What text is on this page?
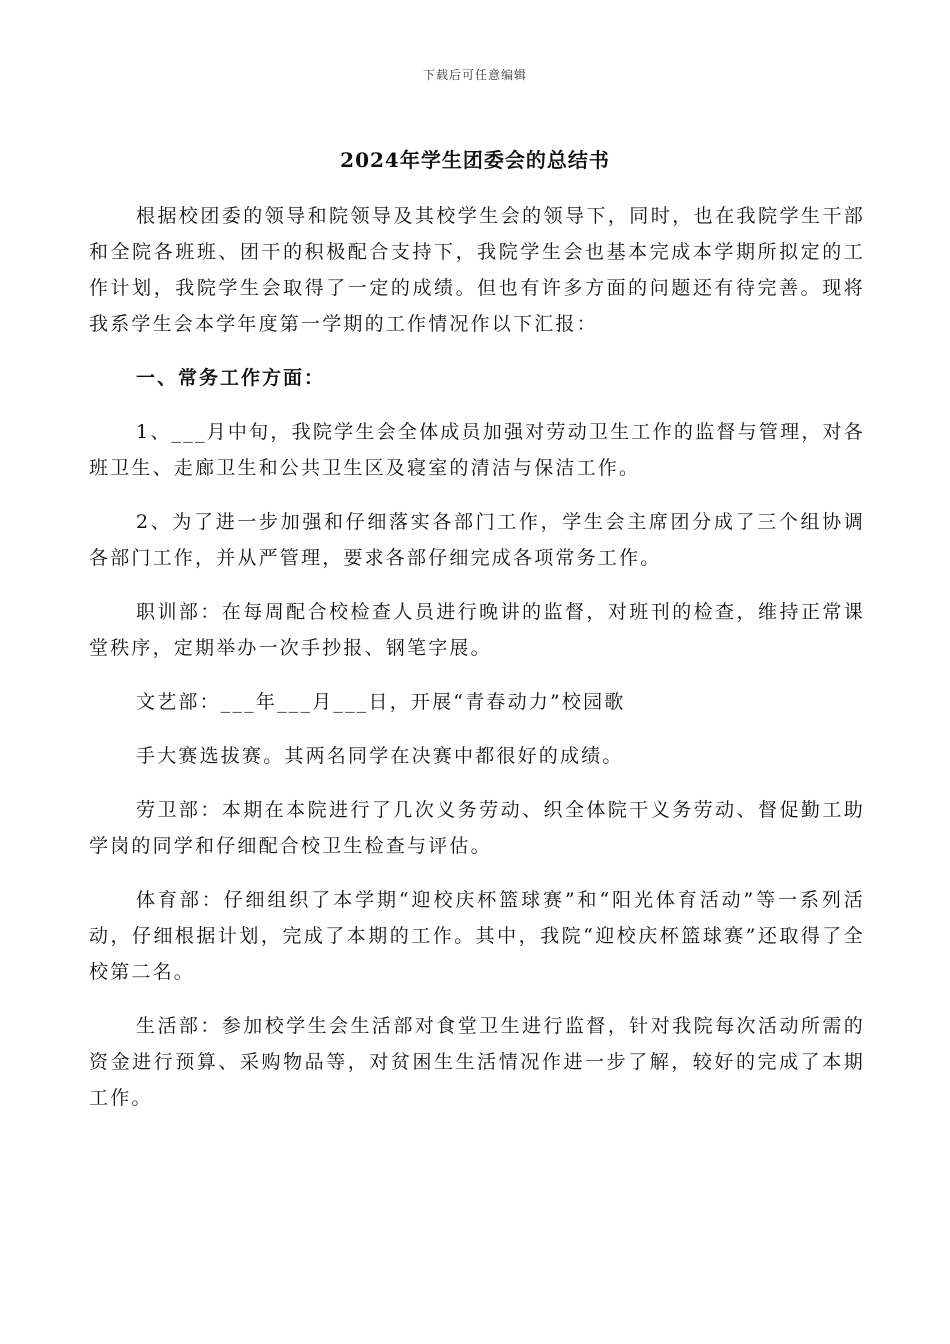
下载后可任意编辑
2024年学生团委会的总结书

根据校团委的领导和院领导及其校学生会的领导下，同时，也在我院学生干部和全院各班班、团干的积极配合支持下，我院学生会也基本完成本学期所拟定的工作计划，我院学生会取得了一定的成绩。但也有许多方面的问题还有待完善。现将我系学生会本学年度第一学期的工作情况作以下汇报：

一、常务工作方面：

1、___月中旬，我院学生会全体成员加强对劳动卫生工作的监督与管理，对各班卫生、走廊卫生和公共卫生区及寝室的清洁与保洁工作。

2、为了进一步加强和仔细落实各部门工作，学生会主席团分成了三个组协调各部门工作，并从严管理，要求各部仔细完成各项常务工作。

职训部：在每周配合校检查人员进行晚讲的监督，对班刊的检查，维持正常课堂秩序，定期举办一次手抄报、钢笔字展。

文艺部：___年___月___日，开展“青春动力”校园歌

手大赛选拔赛。其两名同学在决赛中都很好的成绩。

劳卫部：本期在本院进行了几次义务劳动、织全体院干义务劳动、督促勤工助学岗的同学和仔细配合校卫生检查与评估。

体育部：仔细组织了本学期“迎校庆杯篮球赛”和“阳光体育活动”等一系列活动，仔细根据计划，完成了本期的工作。其中，我院“迎校庆杯篮球赛”还取得了全校第二名。

生活部：参加校学生会生活部对食堂卫生进行监督，针对我院每次活动所需的资金进行预算、采购物品等，对贫困生生活情况作进一步了解，较好的完成了本期工作。
